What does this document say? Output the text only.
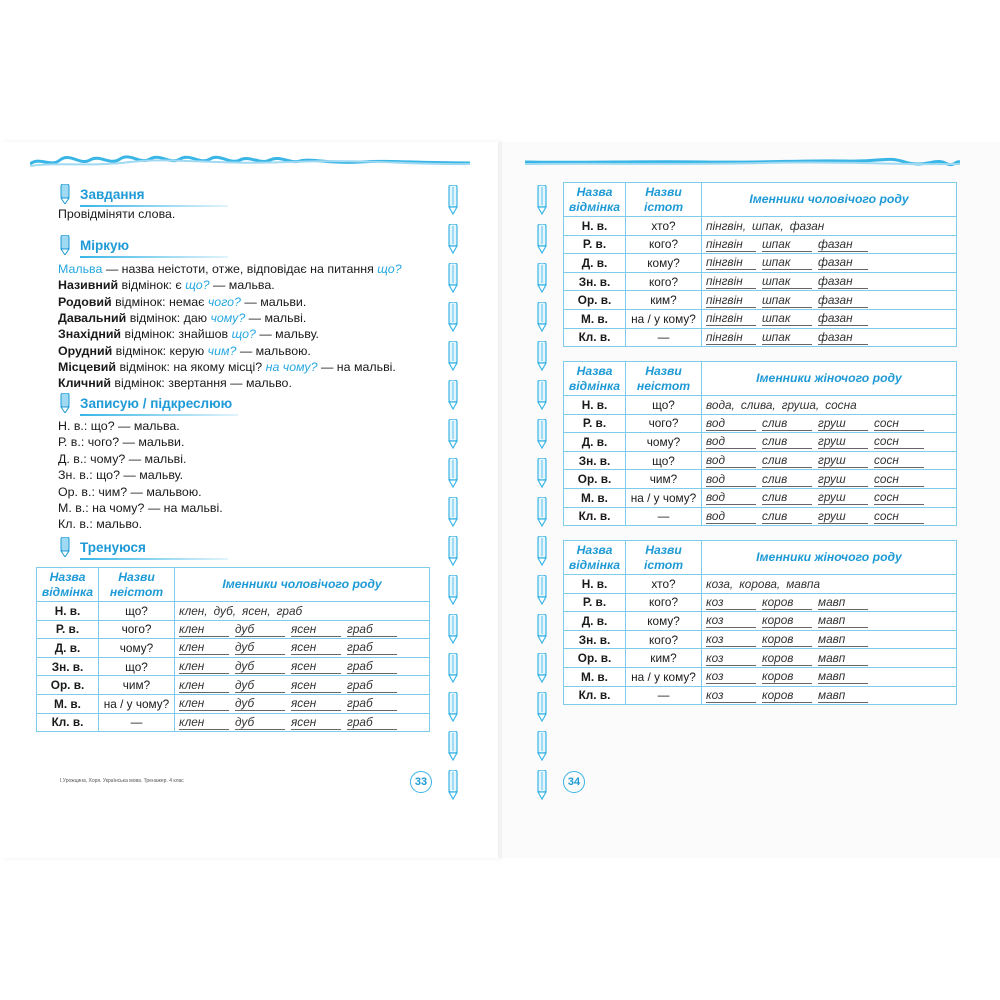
Завдання
Провідміняти слова.
Міркую
Мальва — назва неістоти, отже, відповідає на питання що?
Називний відмінок: є що? — мальва.
Родовий відмінок: немає чого? — мальви.
Давальний відмінок: даю чому? — мальві.
Знахідний відмінок: знайшов що? — мальву.
Орудний відмінок: керую чим? — мальвою.
Місцевий відмінок: на якому місці? на чому? — на мальві.
Кличний відмінок: звертання — мальво.
Записую / підкреслюю
Н. в.: що? — мальва.
Р. в.: чого? — мальви.
Д. в.: чому? — мальві.
Зн. в.: що? — мальву.
Ор. в.: чим? — мальвою.
М. в.: на чому? — на мальві.
Кл. в.: мальво.
Тренуюся
Назва відмінка	Назви неістот	Іменники чоловічого роду
Н. в.	що?	клен, дуб, ясен, граб
Р. в.	чого?	клен    дуб    ясен    граб
Д. в.	чому?	клен    дуб    ясен    граб
Зн. в.	що?	клен    дуб    ясен    граб
Ор. в.	чим?	клен    дуб    ясен    граб
М. в.	на / у чому?	клен    дуб    ясен    граб
Кл. в.	—	клен    дуб    ясен    граб
І.Урожцина, Хоря. Українська мова. Тренажер. 4 клас	33
Назва відмінка	Назви істот	Іменники чоловічого роду
Н. в.	хто?	пінгвін, шпак, фазан
Р. в.	кого?	пінгвін    шпак    фазан
Д. в.	кому?	пінгвін    шпак    фазан
Зн. в.	кого?	пінгвін    шпак    фазан
Ор. в.	ким?	пінгвін    шпак    фазан
М. в.	на / у кому?	пінгвін    шпак    фазан
Кл. в.	—	пінгвін    шпак    фазан
Назва відмінка	Назви неістот	Іменники жіночого роду
Н. в.	що?	вода, слива, груша, сосна
Р. в.	чого?	вод    слив    груш    сосн
Д. в.	чому?	вод    слив    груш    сосн
Зн. в.	що?	вод    слив    груш    сосн
Ор. в.	чим?	вод    слив    груш    сосн
М. в.	на / у чому?	вод    слив    груш    сосн
Кл. в.	—	вод    слив    груш    сосн
Назва відмінка	Назви істот	Іменники жіночого роду
Н. в.	хто?	коза, корова, мавпа
Р. в.	кого?	коз    коров    мавп
Д. в.	кому?	коз    коров    мавп
Зн. в.	кого?	коз    коров    мавп
Ор. в.	ким?	коз    коров    мавп
М. в.	на / у кому?	коз    коров    мавп
Кл. в.	—	коз    коров    мавп
34
